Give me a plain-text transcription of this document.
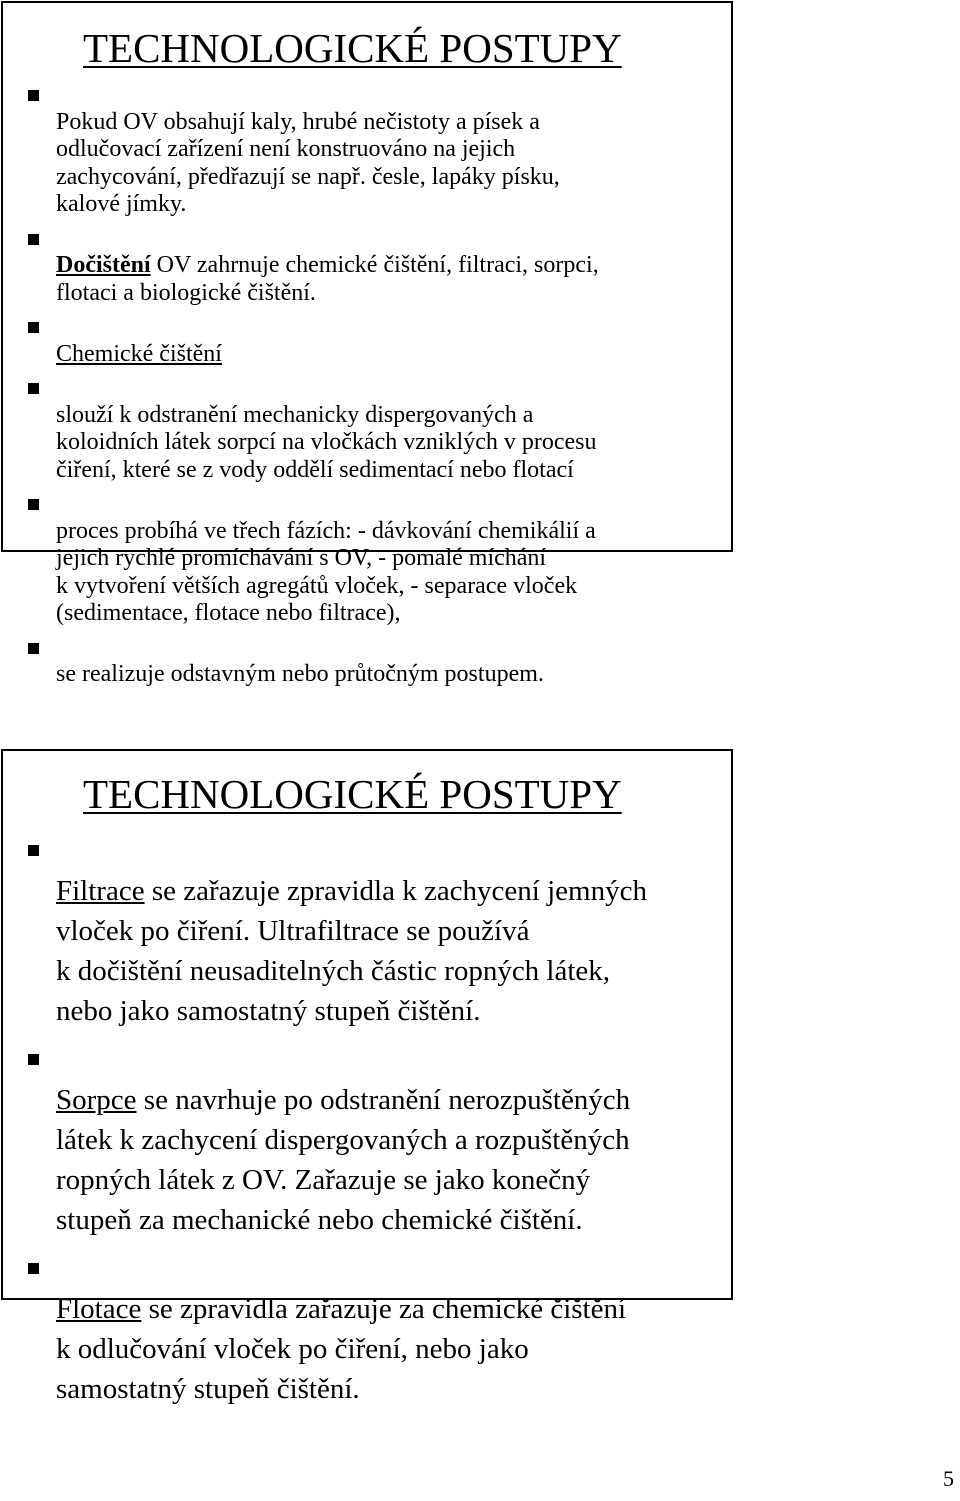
TECHNOLOGICKÉ POSTUPY

Pokud OV obsahují kaly, hrubé nečistoty a písek a
odlučovací zařízení není konstruováno na jejich
zachycování, předřazují se např. česle, lapáky písku,
kalové jímky.

Dočištění OV zahrnuje chemické čištění, filtraci, sorpci,
flotaci a biologické čištění.

Chemické čištění

slouží k odstranění mechanicky dispergovaných a
koloidních látek sorpcí na vločkách vzniklých v procesu
čiření, které se z vody oddělí sedimentací nebo flotací

proces probíhá ve třech fázích: - dávkování chemikálií a
jejich rychlé promíchávání s OV, - pomalé míchání
k vytvoření větších agregátů vloček, - separace vloček
(sedimentace, flotace nebo filtrace),

se realizuje odstavným nebo průtočným postupem.

TECHNOLOGICKÉ POSTUPY

Filtrace se zařazuje zpravidla k zachycení jemných
vloček po čiření. Ultrafiltrace se používá
k dočištění neusaditelných částic ropných látek,
nebo jako samostatný stupeň čištění.

Sorpce se navrhuje po odstranění nerozpuštěných
látek k zachycení dispergovaných a rozpuštěných
ropných látek z OV. Zařazuje se jako konečný
stupeň za mechanické nebo chemické čištění.

Flotace se zpravidla zařazuje za chemické čištění
k odlučování vloček po čiření, nebo jako
samostatný stupeň čištění.

5
